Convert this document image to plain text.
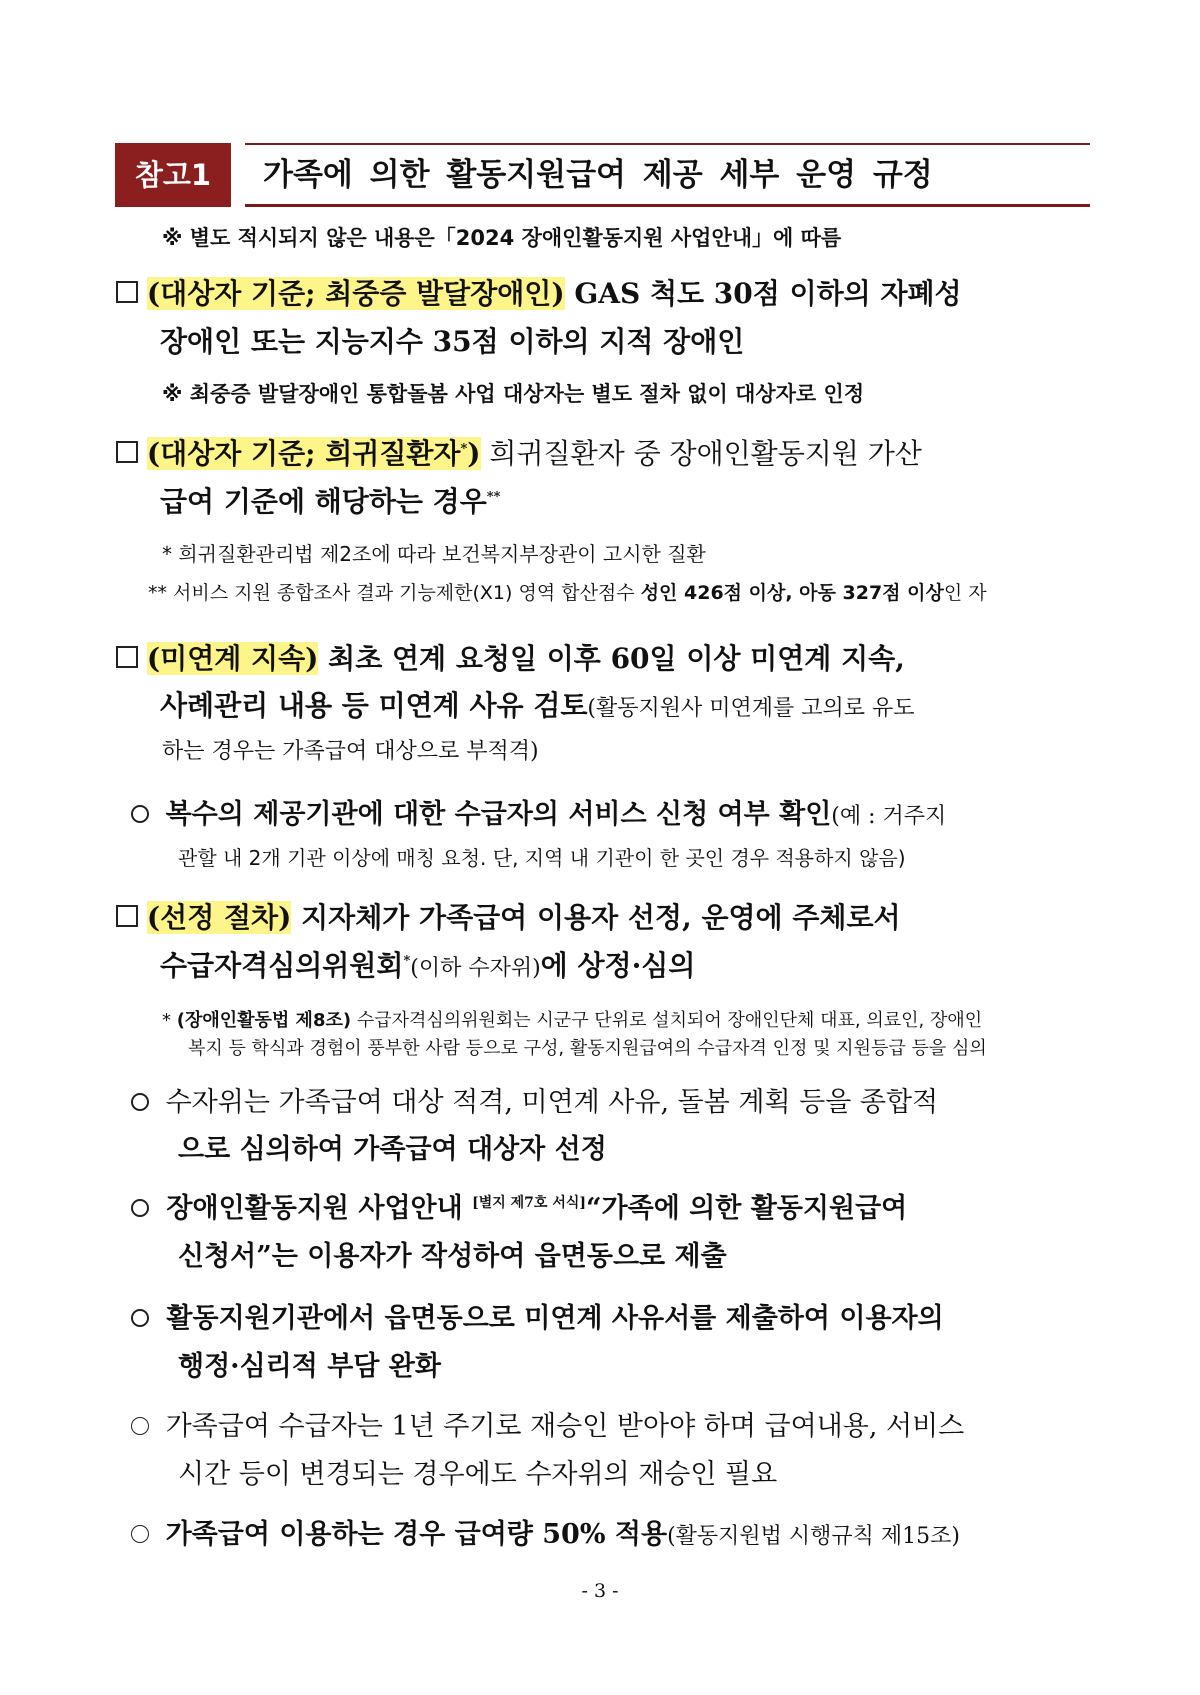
참고1	가족에 의한 활동지원급여 제공 세부 운영 규정
※ 별도 적시되지 않은 내용은「2024 장애인활동지원 사업안내」에 따름
(대상자 기준; 최중증 발달장애인) GAS 척도 30점 이하의 자폐성
장애인 또는 지능지수 35점 이하의 지적 장애인
※ 최중증 발달장애인 통합돌봄 사업 대상자는 별도 절차 없이 대상자로 인정
(대상자 기준; 희귀질환자*) 희귀질환자 중 장애인활동지원 가산
급여 기준에 해당하는 경우**
* 희귀질환관리법 제2조에 따라 보건복지부장관이 고시한 질환
** 서비스 지원 종합조사 결과 기능제한(X1) 영역 합산점수 성인 426점 이상, 아동 327점 이상인 자
(미연계 지속) 최초 연계 요청일 이후 60일 이상 미연계 지속,
사례관리 내용 등 미연계 사유 검토(활동지원사 미연계를 고의로 유도
하는 경우는 가족급여 대상으로 부적격)
복수의 제공기관에 대한 수급자의 서비스 신청 여부 확인(예 : 거주지
관할 내 2개 기관 이상에 매칭 요청. 단, 지역 내 기관이 한 곳인 경우 적용하지 않음)
(선정 절차) 지자체가 가족급여 이용자 선정, 운영에 주체로서
수급자격심의위원회*(이하 수자위)에 상정·심의
* (장애인활동법 제8조) 수급자격심의위원회는 시군구 단위로 설치되어 장애인단체 대표, 의료인, 장애인
복지 등 학식과 경험이 풍부한 사람 등으로 구성, 활동지원급여의 수급자격 인정 및 지원등급 등을 심의
수자위는 가족급여 대상 적격, 미연계 사유, 돌봄 계획 등을 종합적
으로 심의하여 가족급여 대상자 선정
장애인활동지원 사업안내 [별지 제7호 서식]“가족에 의한 활동지원급여
신청서”는 이용자가 작성하여 읍면동으로 제출
활동지원기관에서 읍면동으로 미연계 사유서를 제출하여 이용자의
행정·심리적 부담 완화
가족급여 수급자는 1년 주기로 재승인 받아야 하며 급여내용, 서비스
시간 등이 변경되는 경우에도 수자위의 재승인 필요
가족급여 이용하는 경우 급여량 50% 적용(활동지원법 시행규칙 제15조)
- 3 -
